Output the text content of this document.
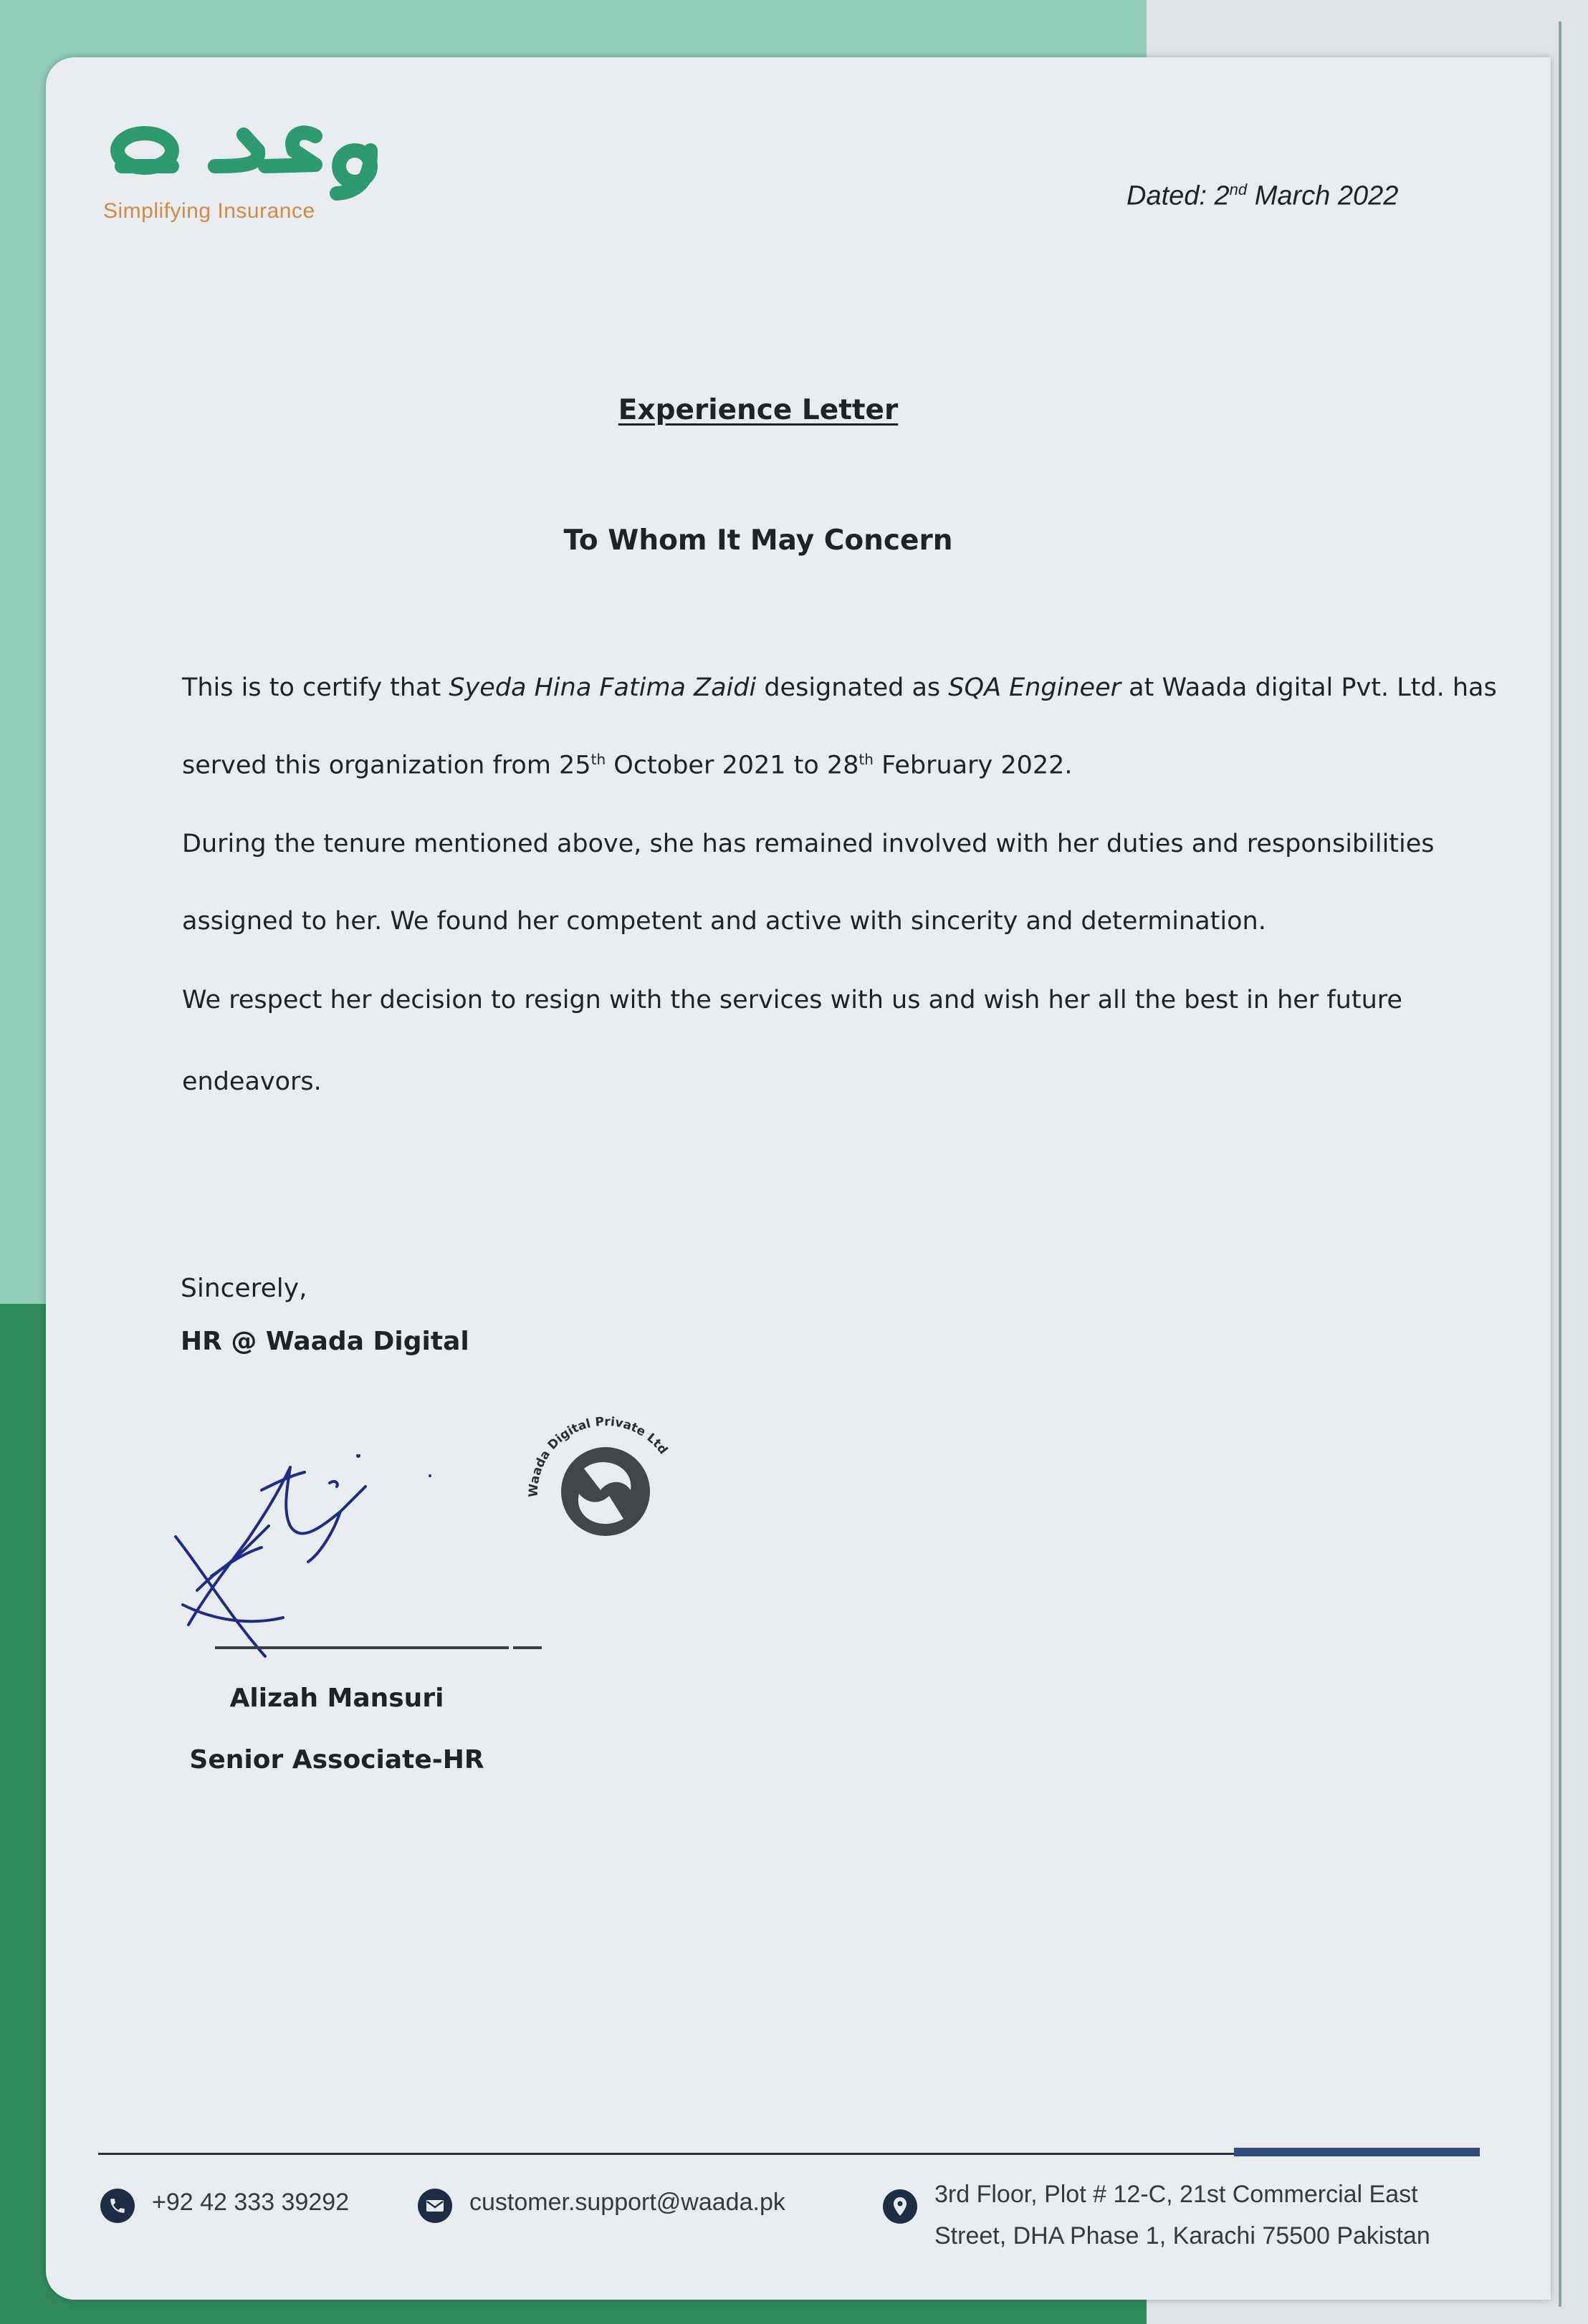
Simplifying Insurance	Dated: 2nd March 2022
Experience Letter
To Whom It May Concern
This is to certify that Syeda Hina Fatima Zaidi designated as SQA Engineer at Waada digital Pvt. Ltd. has
served this organization from 25th October 2021 to 28th February 2022.
During the tenure mentioned above, she has remained involved with her duties and responsibilities
assigned to her. We found her competent and active with sincerity and determination.
We respect her decision to resign with the services with us and wish her all the best in her future
endeavors.
Sincerely,
HR @ Waada Digital
Waada Digital Private Ltd
Alizah Mansuri
Senior Associate-HR
+92 42 333 39292	customer.support@waada.pk	3rd Floor, Plot # 12-C, 21st Commercial East
Street, DHA Phase 1, Karachi 75500 Pakistan
